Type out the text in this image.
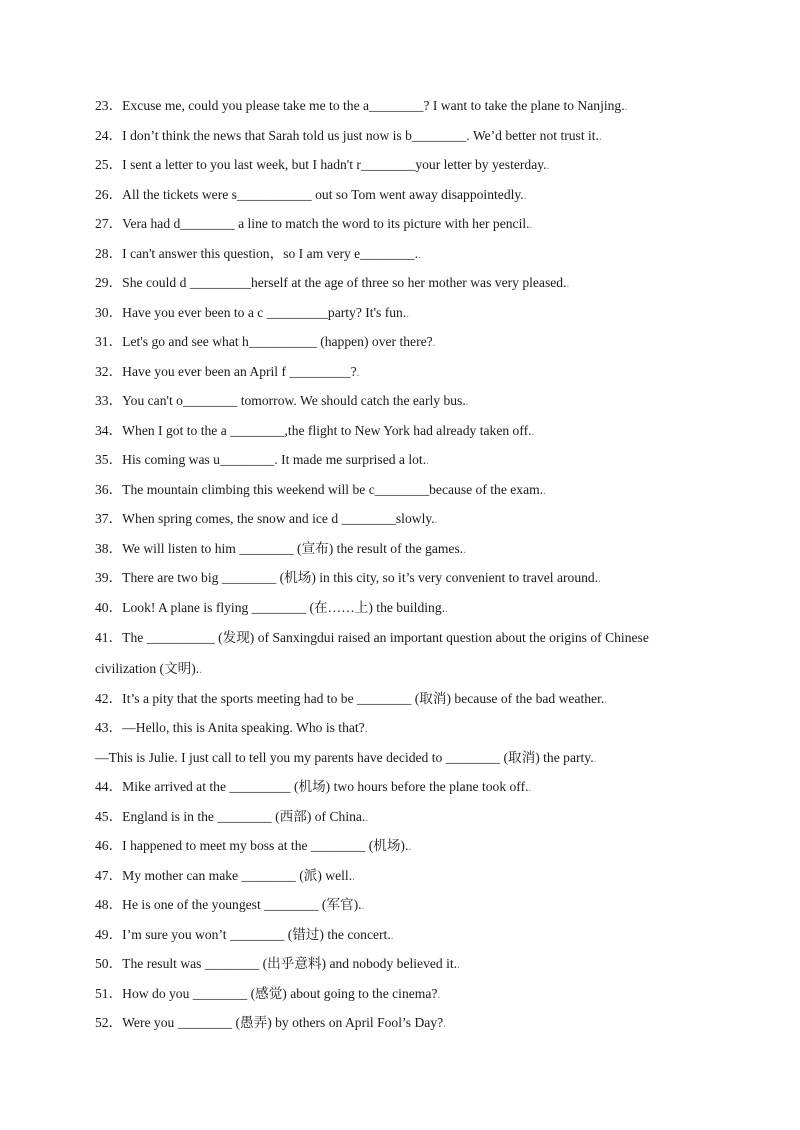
23．Excuse me, could you please take me to the a________? I want to take the plane to Nanjing..
24．I don’t think the news that Sarah told us just now is b________. We’d better not trust it..
25．I sent a letter to you last week, but I hadn't r________your letter by yesterday..
26．All the tickets were s___________ out so Tom went away disappointedly..
27．Vera had d________ a line to match the word to its picture with her pencil..
28．I can't answer this question，so I am very e________..
29．She could d _________herself at the age of three so her mother was very pleased..
30．Have you ever been to a c _________party? It's fun..
31．Let's go and see what h__________ (happen) over there?.
32．Have you ever been an April f _________?.
33．You can't o________ tomorrow. We should catch the early bus..
34．When I got to the a ________,the flight to New York had already taken off..
35．His coming was u________. It made me surprised a lot..
36．The mountain climbing this weekend will be c________because of the exam..
37．When spring comes, the snow and ice d ________slowly..
38．We will listen to him ________ (宣布) the result of the games..
39．There are two big ________ (机场) in this city, so it’s very convenient to travel around..
40．Look! A plane is flying ________ (在……上) the building..
41．The __________ (发现) of Sanxingdui raised an important question about the origins of Chinese
civilization (文明)..
42．It’s a pity that the sports meeting had to be ________ (取消) because of the bad weather..
43．—Hello, this is Anita speaking. Who is that?.
—This is Julie. I just call to tell you my parents have decided to ________ (取消) the party..
44．Mike arrived at the _________ (机场) two hours before the plane took off..
45．England is in the ________ (西部) of China..
46．I happened to meet my boss at the ________ (机场)..
47．My mother can make ________ (派) well..
48．He is one of the youngest ________ (军官)..
49．I’m sure you won’t ________ (错过) the concert..
50．The result was ________ (出乎意料) and nobody believed it..
51．How do you ________ (感觉) about going to the cinema?.
52．Were you ________ (愚弄) by others on April Fool’s Day?.
